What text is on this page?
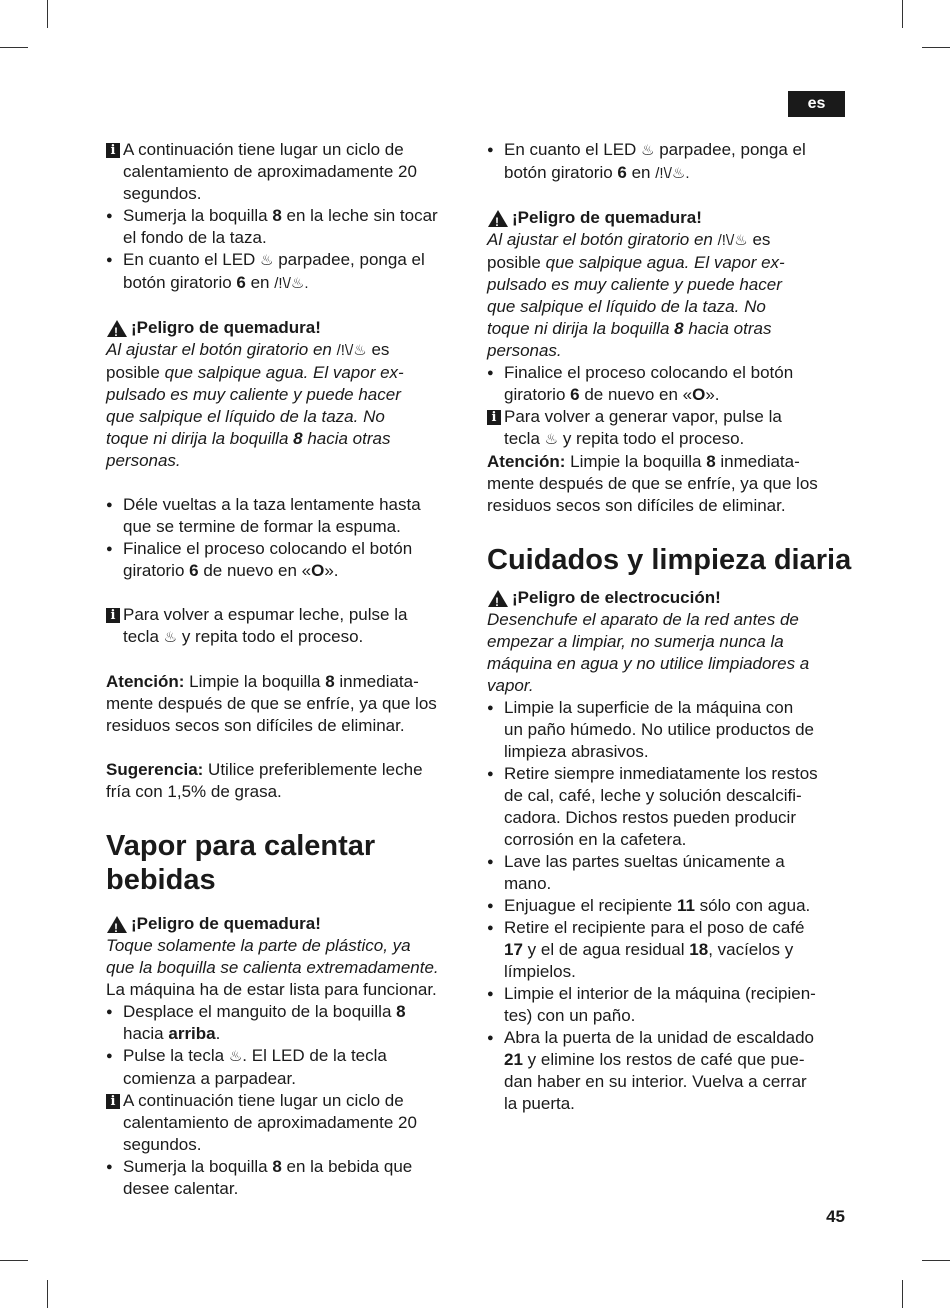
es
i A continuación tiene lugar un ciclo de
calentamiento de aproximadamente 20
segundos.
● Sumerja la boquilla 8 en la leche sin tocar
el fondo de la taza.
● En cuanto el LED ♨ parpadee, ponga el
botón giratorio 6 en /!\/♨.
¡Peligro de quemadura! !
Al ajustar el botón giratorio en /!\/♨ es
posible que salpique agua. El vapor ex-
pulsado es muy caliente y puede hacer
que salpique el líquido de la taza. No
toque ni dirija la boquilla 8 hacia otras
personas.
● Déle vueltas a la taza lentamente hasta
que se termine de formar la espuma.
● Finalice el proceso colocando el botón
giratorio 6 de nuevo en «O».
i Para volver a espumar leche, pulse la
tecla ♨ y repita todo el proceso.
Atención: Limpie la boquilla 8 inmediata-
mente después de que se enfríe, ya que los
residuos secos son difíciles de eliminar.
Sugerencia: Utilice preferiblemente leche
fría con 1,5% de grasa.
Vapor para calentar
bebidas
¡Peligro de quemadura! !
Toque solamente la parte de plástico, ya
que la boquilla se calienta extremadamente.
La máquina ha de estar lista para funcionar.
● Desplace el manguito de la boquilla 8
hacia arriba.
● Pulse la tecla ♨. El LED de la tecla
comienza a parpadear.
i A continuación tiene lugar un ciclo de
calentamiento de aproximadamente 20
segundos.
● Sumerja la boquilla 8 en la bebida que
desee calentar.
● En cuanto el LED ♨ parpadee, ponga el
botón giratorio 6 en /!\/♨.
¡Peligro de quemadura! !
Al ajustar el botón giratorio en /!\/♨ es
posible que salpique agua. El vapor ex-
pulsado es muy caliente y puede hacer
que salpique el líquido de la taza. No
toque ni dirija la boquilla 8 hacia otras
personas.
● Finalice el proceso colocando el botón
giratorio 6 de nuevo en «O».
i Para volver a generar vapor, pulse la
tecla ♨ y repita todo el proceso.
Atención: Limpie la boquilla 8 inmediata-
mente después de que se enfríe, ya que los
residuos secos son difíciles de eliminar.
Cuidados y limpieza diaria
¡Peligro de electrocución! !
Desenchufe el aparato de la red antes de
empezar a limpiar, no sumerja nunca la
máquina en agua y no utilice limpiadores a
vapor.
● Limpie la superficie de la máquina con
un paño húmedo. No utilice productos de
limpieza abrasivos.
● Retire siempre inmediatamente los restos
de cal, café, leche y solución descalcifi-
cadora. Dichos restos pueden producir
corrosión en la cafetera.
● Lave las partes sueltas únicamente a
mano.
● Enjuague el recipiente 11 sólo con agua.
● Retire el recipiente para el poso de café
17 y el de agua residual 18, vacíelos y
límpielos.
● Limpie el interior de la máquina (recipien-
tes) con un paño.
● Abra la puerta de la unidad de escaldado
21 y elimine los restos de café que pue-
dan haber en su interior. Vuelva a cerrar
la puerta.
45
